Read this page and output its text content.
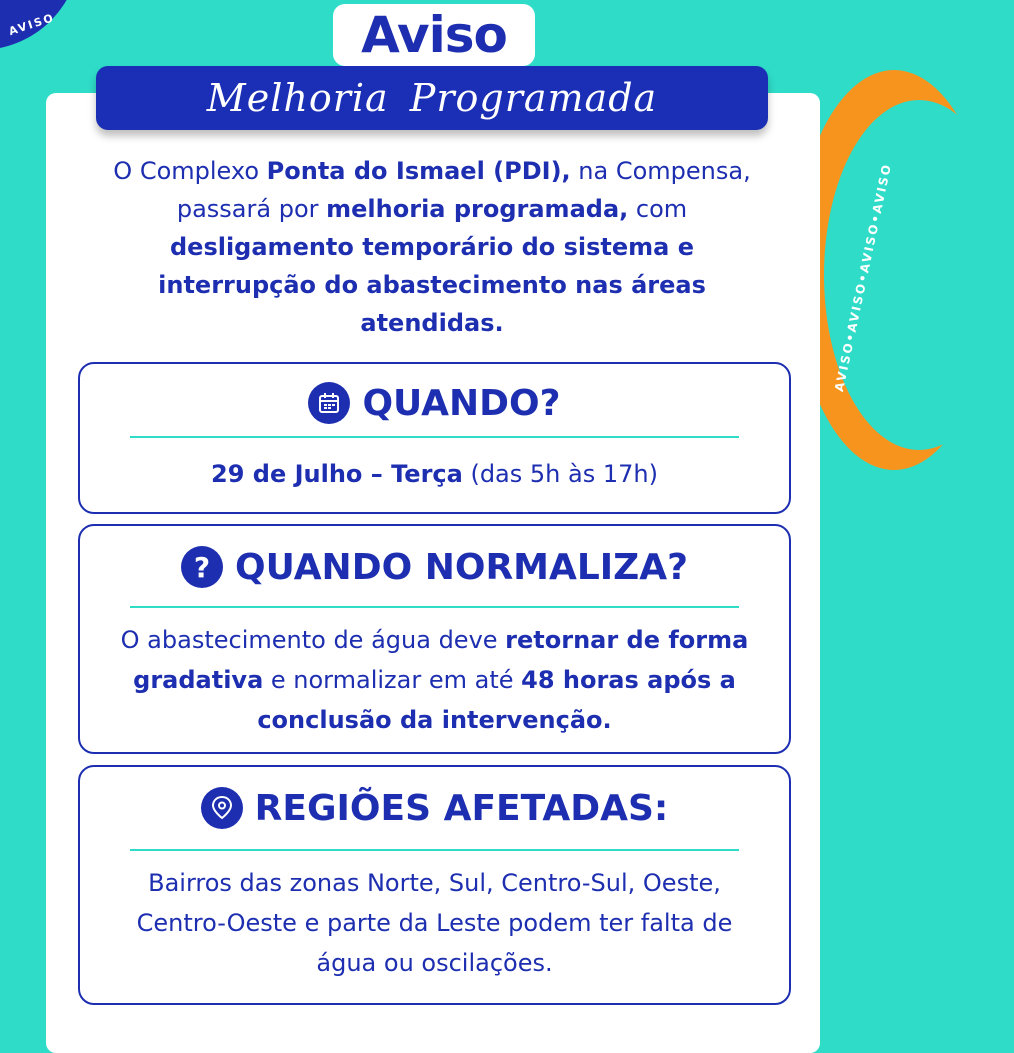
AVISO
AVISO•AVISO•AVISO•AVISO
Aviso
Melhoria Programada

O Complexo Ponta do Ismael (PDI), na Compensa, passará por melhoria programada, com desligamento temporário do sistema e interrupção do abastecimento nas áreas atendidas.

QUANDO?
29 de Julho – Terça (das 5h às 17h)
? QUANDO NORMALIZA?
O abastecimento de água deve retornar de forma gradativa e normalizar em até 48 horas após a conclusão da intervenção.
REGIÕES AFETADAS:
Bairros das zonas Norte, Sul, Centro-Sul, Oeste, Centro-Oeste e parte da Leste podem ter falta de água ou oscilações.
